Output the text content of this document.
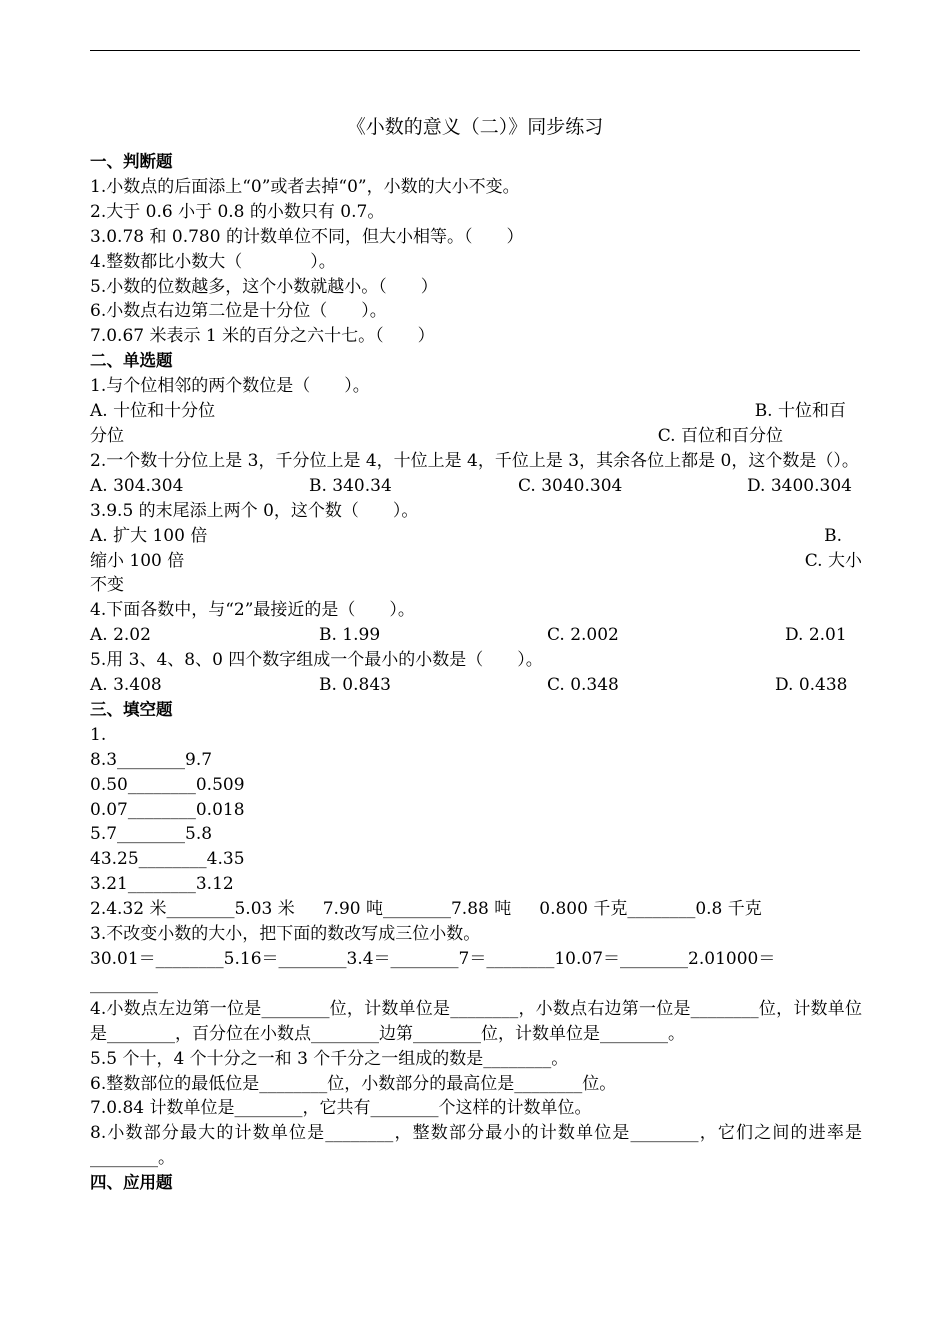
《小数的意义（二）》同步练习
一、判断题
1.小数点的后面添上“0”或者去掉“0”，小数的大小不变。
2.大于 0.6 小于 0.8 的小数只有 0.7。
3.0.78 和 0.780 的计数单位不同，但大小相等。（　　）
4.整数都比小数大（　　　　）。
5.小数的位数越多，这个小数就越小。（　　）
6.小数点右边第二位是十分位（　　）。
7.0.67 米表示 1 米的百分之六十七。（　　）
二、单选题
1.与个位相邻的两个数位是（　　）。
A. 十位和十分位	B. 十位和百
分位	C. 百位和百分位
2.一个数十分位上是 3，千分位上是 4，十位上是 4，千位上是 3，其余各位上都是 0，这个数是（）。
A. 304.304	B. 340.34	C. 3040.304	D. 3400.304
3.9.5 的末尾添上两个 0，这个数（　　）。
A. 扩大 100 倍	B.
缩小 100 倍	C. 大小
不变
4.下面各数中，与“2”最接近的是（　　）。
A. 2.02	B. 1.99	C. 2.002	D. 2.01
5.用 3、4、8、0 四个数字组成一个最小的小数是（　　）。
A. 3.408	B. 0.843	C. 0.348	D. 0.438
三、填空题
1.
8.3________9.7
0.50________0.509
0.07________0.018
5.7________5.8
43.25________4.35
3.21________3.12
2.4.32 米________5.03 米 7.90 吨________7.88 吨 0.800 千克________0.8 千克
3.不改变小数的大小，把下面的数改写成三位小数。
30.01＝________5.16＝________3.4＝________7＝________10.07＝________2.01000＝
________
4.小数点左边第一位是________位，计数单位是________，小数点右边第一位是________位，计数单位是________，百分位在小数点________边第________位，计数单位是________。
5.5 个十，4 个十分之一和 3 个千分之一组成的数是________。
6.整数部位的最低位是________位，小数部分的最高位是________位。
7.0.84 计数单位是________，它共有________个这样的计数单位。
8.小数部分最大的计数单位是________，整数部分最小的计数单位是________，它们之间的进率是________。
四、应用题
